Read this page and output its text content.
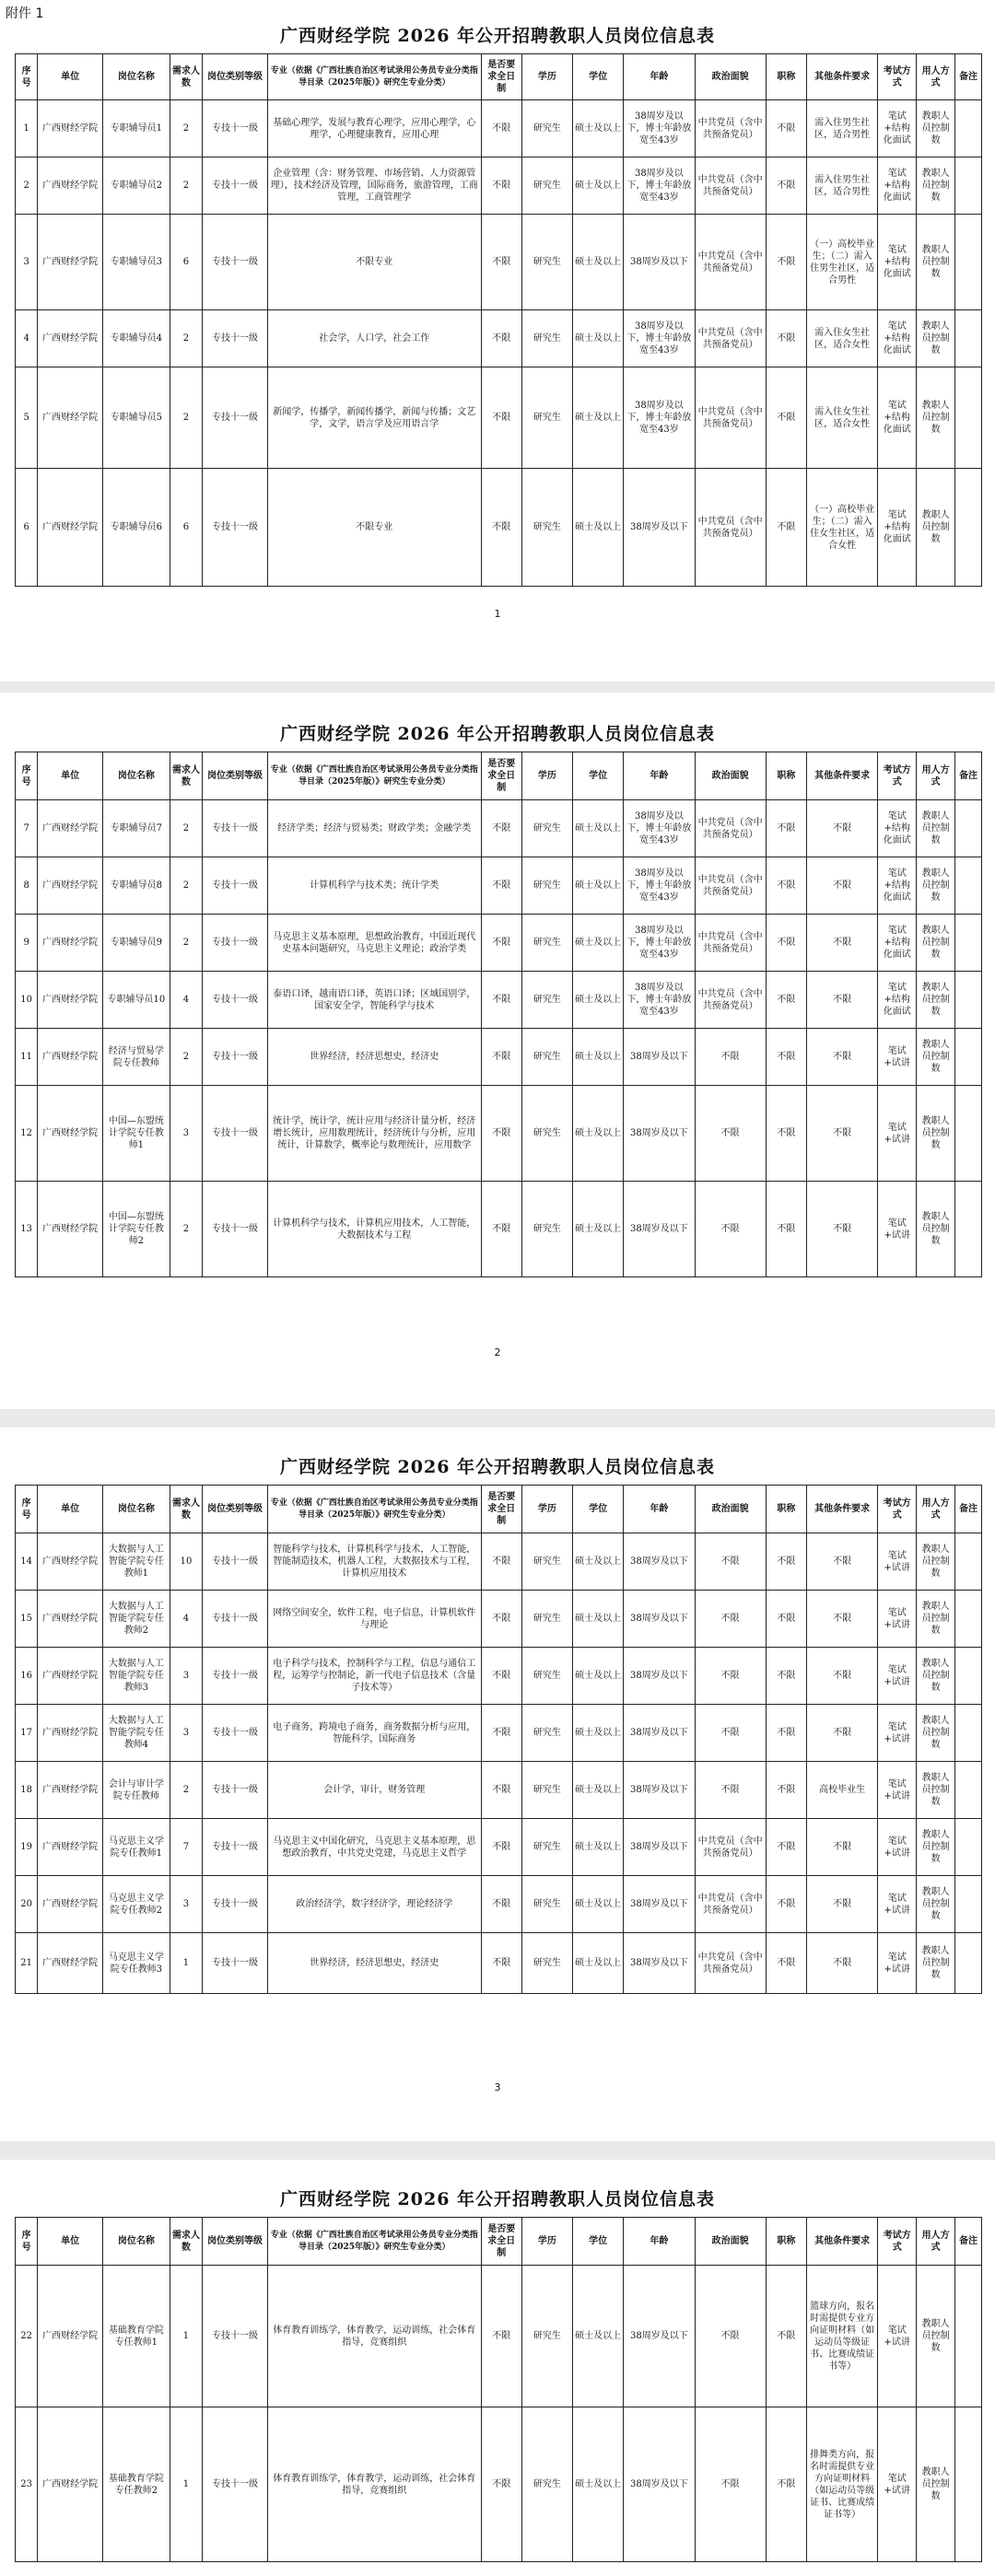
附件 1
广西财经学院 2026 年公开招聘教职人员岗位信息表
序号	单位	岗位名称	需求人数	岗位类别等级	专业（依据《广西壮族自治区考试录用公务员专业分类指导目录（2025年版）》研究生专业分类）	是否要求全日制	学历	学位	年龄	政治面貌	职称	其他条件要求	考试方式	用人方式	备注
1	广西财经学院	专职辅导员1	2	专技十一级	基础心理学，发展与教育心理学，应用心理学，心理学，心理健康教育，应用心理	不限	研究生	硕士及以上	38周岁及以下，博士年龄放宽至43岁	中共党员（含中共预备党员）	不限	需入住男生社区，适合男性	笔试+结构化面试	教职人员控制数	
2	广西财经学院	专职辅导员2	2	专技十一级	企业管理（含：财务管理、市场营销、人力资源管理），技术经济及管理，国际商务，旅游管理，工商管理，工商管理学	不限	研究生	硕士及以上	38周岁及以下，博士年龄放宽至43岁	中共党员（含中共预备党员）	不限	需入住男生社区，适合男性	笔试+结构化面试	教职人员控制数	
3	广西财经学院	专职辅导员3	6	专技十一级	不限专业	不限	研究生	硕士及以上	38周岁及以下	中共党员（含中共预备党员）	不限	（一）高校毕业生；（二）需入住男生社区，适合男性	笔试+结构化面试	教职人员控制数	
4	广西财经学院	专职辅导员4	2	专技十一级	社会学，人口学，社会工作	不限	研究生	硕士及以上	38周岁及以下，博士年龄放宽至43岁	中共党员（含中共预备党员）	不限	需入住女生社区，适合女性	笔试+结构化面试	教职人员控制数	
5	广西财经学院	专职辅导员5	2	专技十一级	新闻学，传播学，新闻传播学，新闻与传播；文艺学，文学，语言学及应用语言学	不限	研究生	硕士及以上	38周岁及以下，博士年龄放宽至43岁	中共党员（含中共预备党员）	不限	需入住女生社区，适合女性	笔试+结构化面试	教职人员控制数	
6	广西财经学院	专职辅导员6	6	专技十一级	不限专业	不限	研究生	硕士及以上	38周岁及以下	中共党员（含中共预备党员）	不限	（一）高校毕业生；（二）需入住女生社区，适合女性	笔试+结构化面试	教职人员控制数	
1
广西财经学院 2026 年公开招聘教职人员岗位信息表
序号	单位	岗位名称	需求人数	岗位类别等级	专业（依据《广西壮族自治区考试录用公务员专业分类指导目录（2025年版）》研究生专业分类）	是否要求全日制	学历	学位	年龄	政治面貌	职称	其他条件要求	考试方式	用人方式	备注
7	广西财经学院	专职辅导员7	2	专技十一级	经济学类；经济与贸易类；财政学类；金融学类	不限	研究生	硕士及以上	38周岁及以下，博士年龄放宽至43岁	中共党员（含中共预备党员）	不限	不限	笔试+结构化面试	教职人员控制数	
8	广西财经学院	专职辅导员8	2	专技十一级	计算机科学与技术类；统计学类	不限	研究生	硕士及以上	38周岁及以下，博士年龄放宽至43岁	中共党员（含中共预备党员）	不限	不限	笔试+结构化面试	教职人员控制数	
9	广西财经学院	专职辅导员9	2	专技十一级	马克思主义基本原理，思想政治教育，中国近现代史基本问题研究，马克思主义理论；政治学类	不限	研究生	硕士及以上	38周岁及以下，博士年龄放宽至43岁	中共党员（含中共预备党员）	不限	不限	笔试+结构化面试	教职人员控制数	
10	广西财经学院	专职辅导员10	4	专技十一级	泰语口译，越南语口译，英语口译；区域国别学，国家安全学，智能科学与技术	不限	研究生	硕士及以上	38周岁及以下，博士年龄放宽至43岁	中共党员（含中共预备党员）	不限	不限	笔试+结构化面试	教职人员控制数	
11	广西财经学院	经济与贸易学院专任教师	2	专技十一级	世界经济，经济思想史，经济史	不限	研究生	硕士及以上	38周岁及以下	不限	不限	不限	笔试+试讲	教职人员控制数	
12	广西财经学院	中国—东盟统计学院专任教师1	3	专技十一级	统计学，统计学，统计应用与经济计量分析，经济增长统计，应用数理统计，经济统计与分析，应用统计，计算数学，概率论与数理统计，应用数学	不限	研究生	硕士及以上	38周岁及以下	不限	不限	不限	笔试+试讲	教职人员控制数	
13	广西财经学院	中国—东盟统计学院专任教师2	2	专技十一级	计算机科学与技术，计算机应用技术，人工智能，大数据技术与工程	不限	研究生	硕士及以上	38周岁及以下	不限	不限	不限	笔试+试讲	教职人员控制数	
2
广西财经学院 2026 年公开招聘教职人员岗位信息表
序号	单位	岗位名称	需求人数	岗位类别等级	专业（依据《广西壮族自治区考试录用公务员专业分类指导目录（2025年版）》研究生专业分类）	是否要求全日制	学历	学位	年龄	政治面貌	职称	其他条件要求	考试方式	用人方式	备注
14	广西财经学院	大数据与人工智能学院专任教师1	10	专技十一级	智能科学与技术，计算机科学与技术，人工智能，智能制造技术，机器人工程，大数据技术与工程，计算机应用技术	不限	研究生	硕士及以上	38周岁及以下	不限	不限	不限	笔试+试讲	教职人员控制数	
15	广西财经学院	大数据与人工智能学院专任教师2	4	专技十一级	网络空间安全，软件工程，电子信息，计算机软件与理论	不限	研究生	硕士及以上	38周岁及以下	不限	不限	不限	笔试+试讲	教职人员控制数	
16	广西财经学院	大数据与人工智能学院专任教师3	3	专技十一级	电子科学与技术，控制科学与工程，信息与通信工程，运筹学与控制论，新一代电子信息技术（含量子技术等）	不限	研究生	硕士及以上	38周岁及以下	不限	不限	不限	笔试+试讲	教职人员控制数	
17	广西财经学院	大数据与人工智能学院专任教师4	3	专技十一级	电子商务，跨境电子商务，商务数据分析与应用，智能科学，国际商务	不限	研究生	硕士及以上	38周岁及以下	不限	不限	不限	笔试+试讲	教职人员控制数	
18	广西财经学院	会计与审计学院专任教师	2	专技十一级	会计学，审计，财务管理	不限	研究生	硕士及以上	38周岁及以下	不限	不限	高校毕业生	笔试+试讲	教职人员控制数	
19	广西财经学院	马克思主义学院专任教师1	7	专技十一级	马克思主义中国化研究，马克思主义基本原理，思想政治教育，中共党史党建，马克思主义哲学	不限	研究生	硕士及以上	38周岁及以下	中共党员（含中共预备党员）	不限	不限	笔试+试讲	教职人员控制数	
20	广西财经学院	马克思主义学院专任教师2	3	专技十一级	政治经济学，数字经济学，理论经济学	不限	研究生	硕士及以上	38周岁及以下	中共党员（含中共预备党员）	不限	不限	笔试+试讲	教职人员控制数	
21	广西财经学院	马克思主义学院专任教师3	1	专技十一级	世界经济，经济思想史，经济史	不限	研究生	硕士及以上	38周岁及以下	中共党员（含中共预备党员）	不限	不限	笔试+试讲	教职人员控制数	
3
广西财经学院 2026 年公开招聘教职人员岗位信息表
序号	单位	岗位名称	需求人数	岗位类别等级	专业（依据《广西壮族自治区考试录用公务员专业分类指导目录（2025年版）》研究生专业分类）	是否要求全日制	学历	学位	年龄	政治面貌	职称	其他条件要求	考试方式	用人方式	备注
22	广西财经学院	基础教育学院专任教师1	1	专技十一级	体育教育训练学，体育教学，运动训练，社会体育指导，竞赛组织	不限	研究生	硕士及以上	38周岁及以下	不限	不限	篮球方向，报名时需提供专业方向证明材料（如运动员等级证书、比赛成绩证书等）	笔试+试讲	教职人员控制数	
23	广西财经学院	基础教育学院专任教师2	1	专技十一级	体育教育训练学，体育教学，运动训练，社会体育指导，竞赛组织	不限	研究生	硕士及以上	38周岁及以下	不限	不限	排舞类方向，报名时需提供专业方向证明材料（如运动员等级证书、比赛成绩证书等）	笔试+试讲	教职人员控制数	
